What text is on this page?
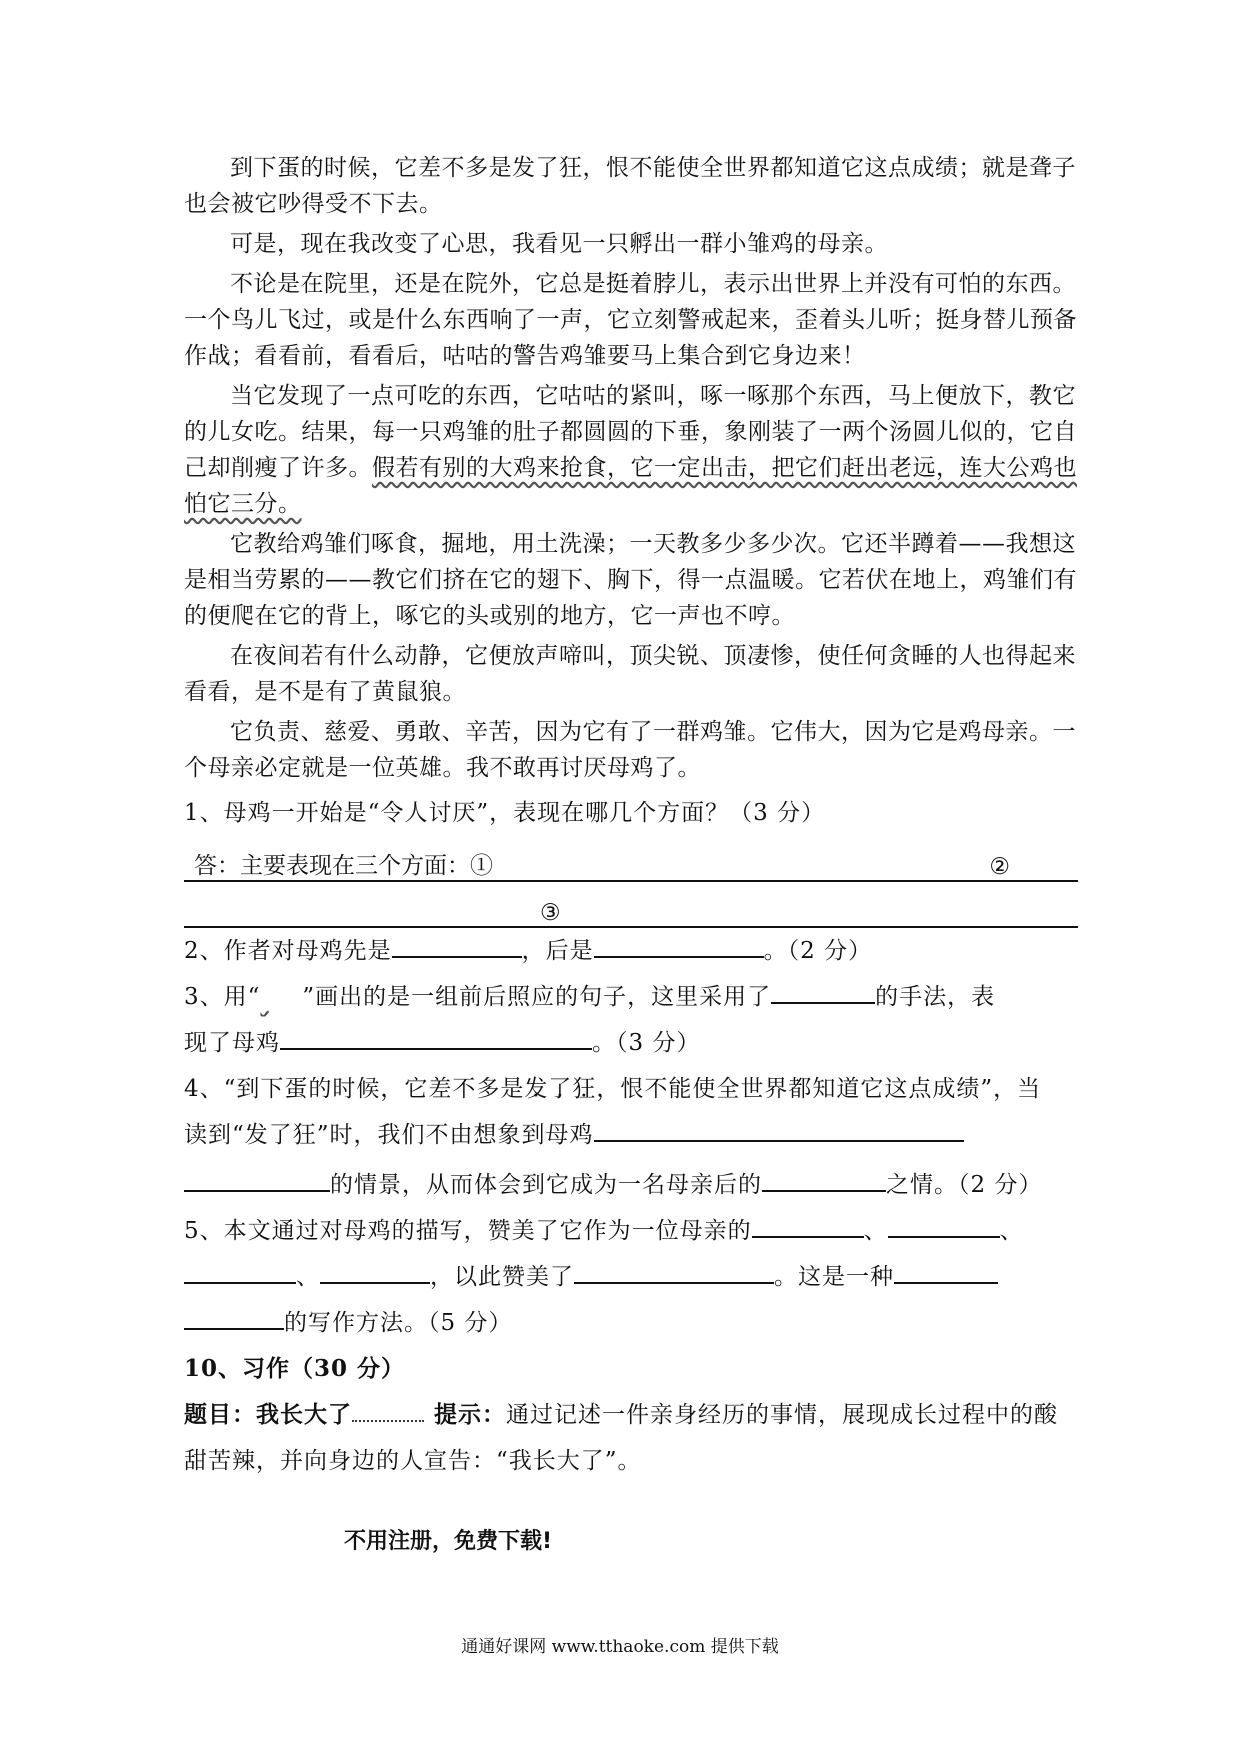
到下蛋的时候，它差不多是发了狂，恨不能使全世界都知道它这点成绩；就是聋子也会被它吵得受不下去。

可是，现在我改变了心思，我看见一只孵出一群小雏鸡的母亲。

不论是在院里，还是在院外，它总是挺着脖儿，表示出世界上并没有可怕的东西。一个鸟儿飞过，或是什么东西响了一声，它立刻警戒起来，歪着头儿听；挺身替儿预备作战；看看前，看看后，咕咕的警告鸡雏要马上集合到它身边来！

当它发现了一点可吃的东西，它咕咕的紧叫，啄一啄那个东西，马上便放下，教它的儿女吃。结果，每一只鸡雏的肚子都圆圆的下垂，象刚装了一两个汤圆儿似的，它自己却削瘦了许多。假若有别的大鸡来抢食，它一定出击，把它们赶出老远，连大公鸡也怕它三分。

它教给鸡雏们啄食，掘地，用土洗澡；一天教多少多少次。它还半蹲着——我想这是相当劳累的——教它们挤在它的翅下、胸下，得一点温暖。它若伏在地上，鸡雏们有的便爬在它的背上，啄它的头或别的地方，它一声也不哼。

在夜间若有什么动静，它便放声啼叫，顶尖锐、顶凄惨，使任何贪睡的人也得起来看看，是不是有了黄鼠狼。

它负责、慈爱、勇敢、辛苦，因为它有了一群鸡雏。它伟大，因为它是鸡母亲。一个母亲必定就是一位英雄。我不敢再讨厌母鸡了。

1、母鸡一开始是“令人讨厌”，表现在哪几个方面？（3 分）

答：主要表现在三个方面：①	②
③

2、作者对母鸡先是	，后是	。（2 分）

3、用“ ”画出的是一组前后照应的句子，这里采用了	的手法，表

现了母鸡	。（3 分）

4、“到下蛋的时候，它差不多是发了狂，恨不能使全世界都知道它这点成绩”，当

读到“发了狂”时，我们不由想象到母鸡

的情景，从而体会到它成为一名母亲后的	之情。（2 分）

5、本文通过对母鸡的描写，赞美了它作为一位母亲的	、	、

、	，以此赞美了	。这是一种

的写作方法。（5 分）

10、习作（30 分）

题目：我长大了	提示：通过记述一件亲身经历的事情，展现成长过程中的酸甜苦辣，并向身边的人宣告：“我长大了”。

不用注册，免费下载!

通通好课网 www.tthaoke.com 提供下载
